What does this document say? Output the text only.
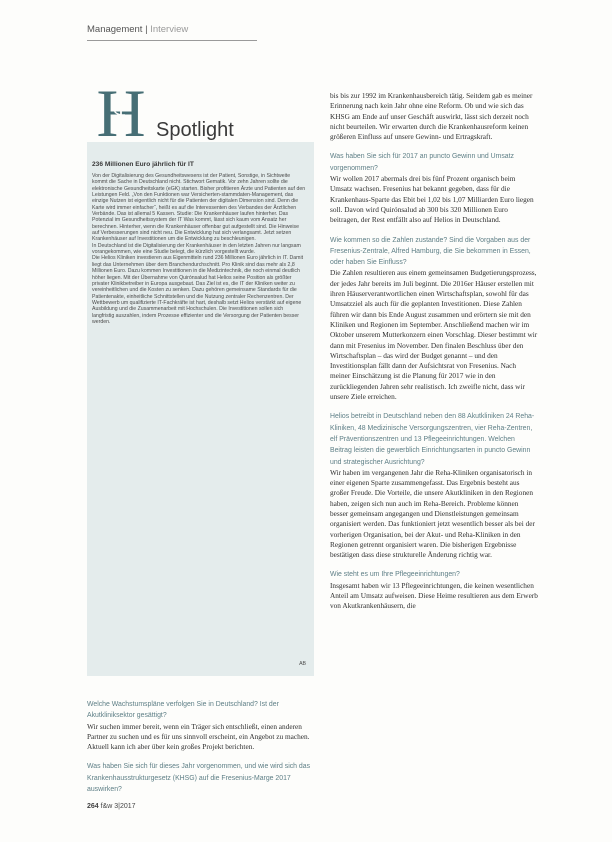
Management | Interview
H Spotlight
236 Millionen Euro jährlich für IT

Von der Digitalisierung des Gesundheitswesens ist der Patient, Sonstige, in Sichtweite kommt die Sache in Deutschland nicht. Stichwort Gematik. Vor zehn Jahren sollte die elektronische Gesundheitskarte (eGK) starten. Bisher profitieren Ärzte und Patienten auf den Leistungen Feld. „Von den Funktionen war Versicherten-stammdaten-Management, das einzige Nutzen ist eigentlich nicht für die Patienten der digitalen Dimension sind. Denn die Karte wird immer einfacher“, heißt es auf die Interessenten des Verbandes der Ärztlichen Verbände. Das ist allemal 5 Kassen. Studie: Die Krankenhäuser laufen hinterher. Das Potenzial im Gesundheitssystem der IT Was kommt, lässt sich kaum vom Ansatz her berechnen. Hinterher, wenn die Krankenhäuser offenbar gut aufgestellt sind. Die Hinweise auf Verbesserungen sind nicht neu. Die Entwicklung hat sich verlangsamt. Jetzt setzen Krankenhäuser auf Investitionen um die Entwicklung zu beschleunigen.

In Deutschland ist die Digitalisierung der Krankenhäuser in den letzten Jahren nur langsam vorangekommen, wie eine Studie belegt, die kürzlich vorgestellt wurde.

Die Helios Kliniken investieren aus Eigenmitteln rund 236 Millionen Euro jährlich in IT. Damit liegt das Unternehmen über dem Branchendurchschnitt. Pro Klinik sind das mehr als 2,8 Millionen Euro. Dazu kommen Investitionen in die Medizintechnik, die noch einmal deutlich höher liegen. Mit der Übernahme von Quirónsalud hat Helios seine Position als größter privater Klinikbetreiber in Europa ausgebaut. Das Ziel ist es, die IT der Kliniken weiter zu vereinheitlichen und die Kosten zu senken. Dazu gehören gemeinsame Standards für die Patientenakte, einheitliche Schnittstellen und die Nutzung zentraler Rechenzentren. Der Wettbewerb um qualifizierte IT-Fachkräfte ist hart, deshalb setzt Helios verstärkt auf eigene Ausbildung und die Zusammenarbeit mit Hochschulen. Die Investitionen sollen sich langfristig auszahlen, indem Prozesse effizienter und die Versorgung der Patienten besser werden.

AB

Welche Wachstumspläne verfolgen Sie in Deutschland? Ist der Akutkliniksektor gesättigt?
Wir suchen immer bereit, wenn ein Träger sich entschließt, einen anderen Partner zu suchen und es für uns sinnvoll erscheint, ein Angebot zu machen. Aktuell kann ich aber über kein großes Projekt berichten.

Was haben Sie sich für dieses Jahr vorgenommen, und wie wird sich das Krankenhausstrukturgesetz (KHSG) auf die Fresenius-Marge 2017 auswirken?

bis bis zur 1992 im Krankenhausbereich tätig. Seitdem gab es meiner Erinnerung nach kein Jahr ohne eine Reform. Ob und wie sich das KHSG am Ende auf unser Geschäft auswirkt, lässt sich derzeit noch nicht beurteilen. Wir erwarten durch die Krankenhausreform keinen größeren Einfluss auf unsere Gewinn- und Ertragskraft.

Was haben Sie sich für 2017 an puncto Gewinn und Umsatz vorgenommen?
Wir wollen 2017 abermals drei bis fünf Prozent organisch beim Umsatz wachsen. Fresenius hat bekannt gegeben, dass für die Krankenhaus-Sparte das Ebit bei 1,02 bis 1,07 Milliarden Euro liegen soll. Davon wird Quirónsalud ab 300 bis 320 Millionen Euro beitragen, der Rest entfällt also auf Helios in Deutschland.

Wie kommen so die Zahlen zustande? Sind die Vorgaben aus der Fresenius-Zentrale, Alfred Hamburg, die Sie bekommen in Essen, oder haben Sie Einfluss?
Die Zahlen resultieren aus einem gemeinsamen Budgetierungsprozess, der jedes Jahr bereits im Juli beginnt. Die 2016er Häuser erstellen mit ihren Häuserverantwortlichen einen Wirtschaftsplan, sowohl für das Umsatzziel als auch für die geplanten Investitionen. Diese Zahlen führen wir dann bis Ende August zusammen und erörtern sie mit den Kliniken und Regionen im September. Anschließend machen wir im Oktober unserem Mutterkonzern einen Vorschlag. Dieser bestimmt wir dann mit Fresenius im November. Den finalen Beschluss über den Wirtschaftsplan – das wird der Budget genannt – und den Investitionsplan fällt dann der Aufsichtsrat von Fresenius. Nach meiner Einschätzung ist die Planung für 2017 wie in den zurückliegenden Jahren sehr realistisch. Ich zweifle nicht, dass wir unsere Ziele erreichen.

Helios betreibt in Deutschland neben den 88 Akutkliniken 24 Reha-Kliniken, 48 Medizinische Versorgungszentren, vier Reha-Zentren, elf Präventionszentren und 13 Pflegeeinrichtungen. Welchen Beitrag leisten die gewerblich Einrichtungsarten in puncto Gewinn und strategischer Ausrichtung?
Wir haben im vergangenen Jahr die Reha-Kliniken organisatorisch in einer eigenen Sparte zusammengefasst. Das Ergebnis besteht aus großer Freude. Die Vorteile, die unsere Akutkliniken in den Regionen haben, zeigen sich nun auch im Reha-Bereich. Probleme können besser gemeinsam angegangen und Dienstleistungen gemeinsam organisiert werden. Das funktioniert jetzt wesentlich besser als bei der vorherigen Organisation, bei der Akut- und Reha-Kliniken in den Regionen getrennt organisiert waren. Die bisherigen Ergebnisse bestätigen dass diese strukturelle Änderung richtig war.

Wie steht es um Ihre Pflegeeinrichtungen?
Insgesamt haben wir 13 Pflegeeinrichtungen, die keinen wesentlichen Anteil am Umsatz aufweisen. Diese Heime resultieren aus dem Erwerb von Akutkrankenhäusern, die

264 f&w 3|2017
